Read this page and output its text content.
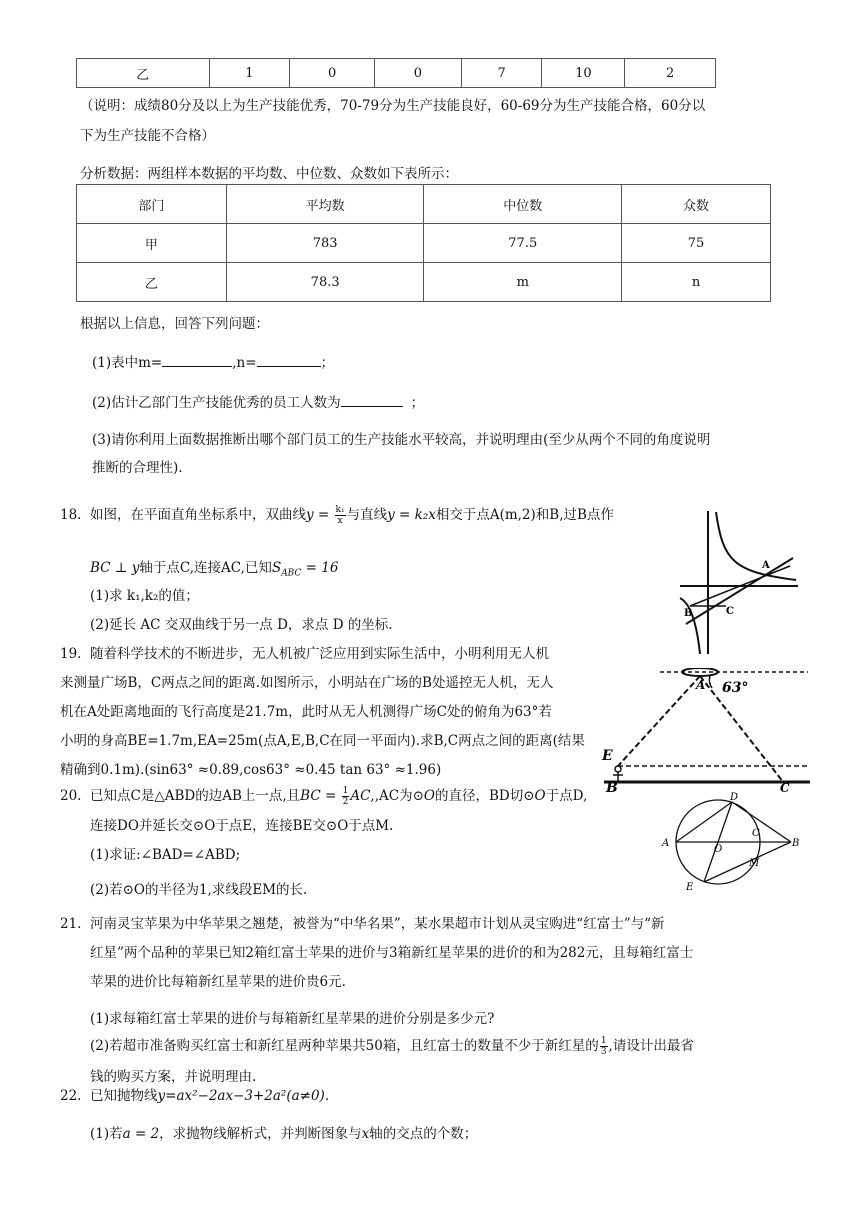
乙	1	0	0	7	10	2
（说明：成绩80分及以上为生产技能优秀，70-79分为生产技能良好，60-69分为生产技能合格，60分以
下为生产技能不合格）
分析数据：两组样本数据的平均数、中位数、众数如下表所示：
部门	平均数	中位数	众数
甲	783	77.5	75
乙	78.3	m	n
根据以上信息，回答下列问题：
(1)表中m=	,n=	；
(2)估计乙部门生产技能优秀的员工人数为	；
(3)请你利用上面数据推断出哪个部门员工的生产技能水平较高，并说明理由(至少从两个不同的角度说明
推断的合理性).
18. 如图，在平面直角坐标系中，双曲线$y = \frac{\text{k₁}}{x}$ 与直线y = k₂x相交于点A(m,2)和B,过B点作
BC ⊥ y轴于点C,连接AC,已知$S_{ABC} = 16$
(1)求 k₁,k₂的值；
(2)延长 AC 交双曲线于另一点 D，求点 D 的坐标.
B	C
A
19. 随着科学技术的不断进步，无人机被广泛应用到实际生活中，小明利用无人机
来测量广场B，C两点之间的距离.如图所示，小明站在广场的B处遥控无人机，无人
机在A处距离地面的飞行高度是21.7m，此时从无人机测得广场C处的俯角为63°若
小明的身高BE=1.7m,EA=25m(点A,E,B,C在同一平面内).求B,C两点之间的距离(结果
精确到0.1m).(sin63° ≈0.89,cos63° ≈0.45 tan 63° ≈1.96)
A 63°
E
B	C
20. 已知点C是△ABD的边AB上一点,且BC = $\frac{1}{2} AC,,AC$为⊙O的直径，BD切⊙O于点D,
连接DO并延长交⊙O于点E，连接BE交⊙O于点M.
(1)求证:∠BAD=∠ABD;
(2)若⊙O的半径为1,求线段EM的长.
D
A	B
C
O
M
E
21. 河南灵宝苹果为中华苹果之翘楚，被誉为“中华名果”，某水果超市计划从灵宝购进“红富士”与“新
红星”两个品种的苹果已知2箱红富士苹果的进价与3箱新红星苹果的进价的和为282元，且每箱红富士
苹果的进价比每箱新红星苹果的进价贵6元.
(1)求每箱红富士苹果的进价与每箱新红星苹果的进价分别是多少元?
(2)若超市准备购买红富士和新红星两种苹果共50箱，且红富士的数量不少于新红星的 $\frac{1}{3}$ ,请设计出最省
钱的购买方案，并说明理由.
22. 已知抛物线y=ax²−2ax−3+2a²(a≠0).
(1)若a = 2，求抛物线解析式，并判断图象与x轴的交点的个数；
